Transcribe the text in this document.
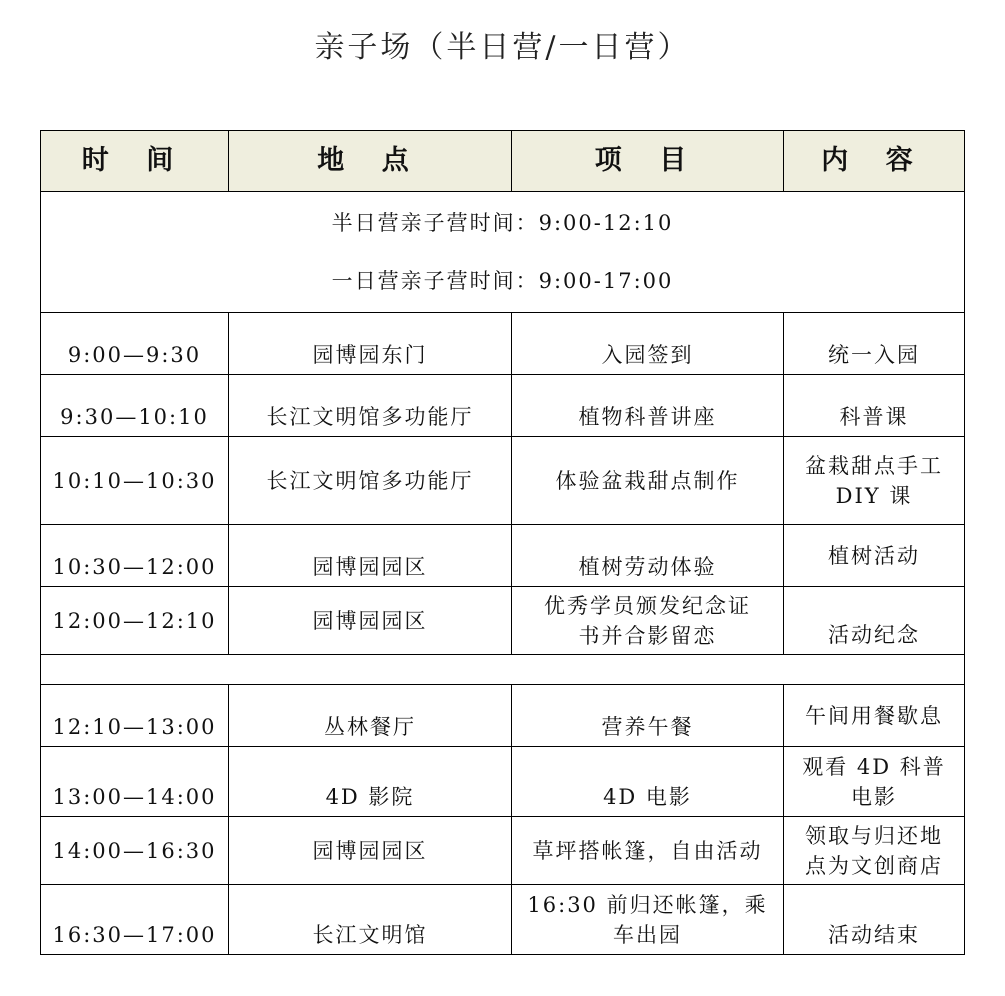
亲子场（半日营/一日营）
时 间	地 点	项 目	内 容

半日营亲子营时间：9:00-12:10
一日营亲子营时间：9:00-17:00			

9:00—9:30	园博园东门	入园签到	统一入园
9:30—10:10	长江文明馆多功能厅	植物科普讲座	科普课
10:10—10:30	长江文明馆多功能厅	体验盆栽甜点制作	盆栽甜点手工
DIY 课

10:30—12:00	园博园园区	植树劳动体验	植树活动
12:00—12:10	园博园园区	优秀学员颁发纪念证
书并合影留恋	活动纪念

12:10—13:00	丛林餐厅	营养午餐	午间用餐歇息
13:00—14:00	4D 影院	4D 电影	观看 4D 科普
电影

14:00—16:30	园博园园区	草坪搭帐篷，自由活动	领取与归还地
点为文创商店

16:30—17:00	长江文明馆	16:30 前归还帐篷，乘
车出园	活动结束
